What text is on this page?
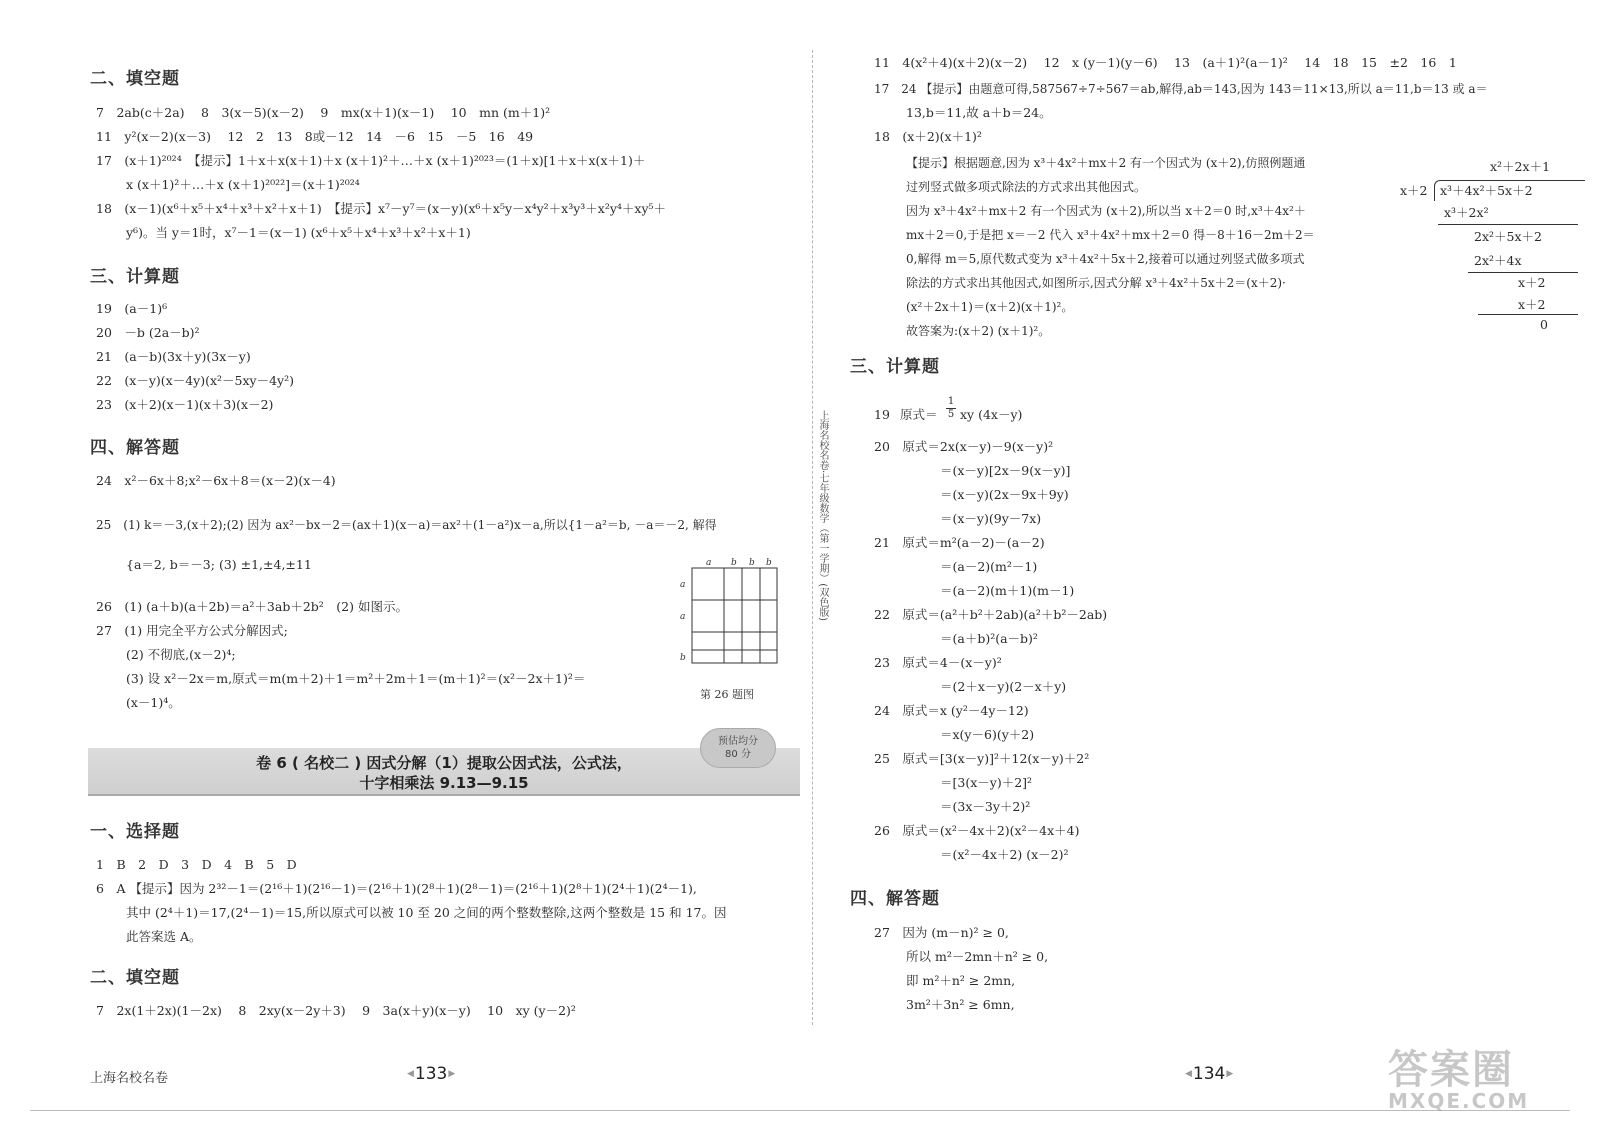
二、填空题
7　2ab(c＋2a)　 8　3(x－5)(x－2)　 9　mx(x＋1)(x－1)　 10　mn (m＋1)²
11　y²(x－2)(x－3)　 12　2　13　8或－12　14　－6　15　－5　16　49
17　(x＋1)²⁰²⁴　【提示】1＋x＋x(x＋1)＋x (x＋1)²＋…＋x (x＋1)²⁰²³＝(1＋x)[1＋x＋x(x＋1)＋
x (x＋1)²＋…＋x (x＋1)²⁰²²]＝(x＋1)²⁰²⁴
18　(x－1)(x⁶＋x⁵＋x⁴＋x³＋x²＋x＋1)　【提示】x⁷－y⁷＝(x－y)(x⁶＋x⁵y－x⁴y²＋x³y³＋x²y⁴＋xy⁵＋
y⁶)。当 y＝1时，x⁷－1＝(x－1) (x⁶＋x⁵＋x⁴＋x³＋x²＋x＋1)
三、计算题
19　(a－1)⁶
20　－b (2a－b)²
21　(a－b)(3x＋y)(3x－y)
22　(x－y)(x－4y)(x²－5xy－4y²)
23　(x＋2)(x－1)(x＋3)(x－2)
四、解答题
24　x²－6x＋8;x²－6x＋8＝(x－2)(x－4)
25　(1) k＝－3,(x＋2);(2) 因为 ax²－bx－2＝(ax＋1)(x－a)＝ax²＋(1－a²)x－a,所以{1－a²＝b, －a＝－2, 解得
{a＝2, b＝－3; (3) ±1,±4,±11
26　(1) (a＋b)(a＋2b)＝a²＋3ab＋2b²　(2) 如图示。
27　(1) 用完全平方公式分解因式;
(2) 不彻底,(x－2)⁴;
(3) 设 x²－2x＝m,原式＝m(m＋2)＋1＝m²＋2m＋1＝(m＋1)²＝(x²－2x＋1)²＝
(x－1)⁴。
a b b b
a
a
b
第 26 题图
卷 6 ( 名校二 ) 因式分解（1）提取公因式法，公式法，
十字相乘法 9.13—9.15
预估均分
80 分
一、选择题
1　B　2　D　3　D　4　B　5　D
6　A 【提示】因为 2³²－1＝(2¹⁶＋1)(2¹⁶－1)＝(2¹⁶＋1)(2⁸＋1)(2⁸－1)＝(2¹⁶＋1)(2⁸＋1)(2⁴＋1)(2⁴－1),
其中 (2⁴＋1)＝17,(2⁴－1)＝15,所以原式可以被 10 至 20 之间的两个整数整除,这两个整数是 15 和 17。因
此答案选 A。
二、填空题
7　2x(1＋2x)(1－2x)　 8　2xy(x－2y＋3)　 9　3a(x＋y)(x－y)　 10　xy (y－2)²
上海名校名卷
◀	133 ▶
上海名校名卷·七年级数学（第一学期）(双色版)
11　4(x²＋4)(x＋2)(x－2)　 12　x (y－1)(y－6)　 13　(a＋1)²(a－1)²　 14　18　15　±2　16　1
17　24 【提示】由题意可得,587567÷7÷567＝ab,解得,ab＝143,因为 143＝11×13,所以 a＝11,b＝13 或 a＝
13,b＝11,故 a＋b＝24。
18　(x＋2)(x＋1)²
【提示】根据题意,因为 x³＋4x²＋mx＋2 有一个因式为 (x＋2),仿照例题通
过列竖式做多项式除法的方式求出其他因式。
因为 x³＋4x²＋mx＋2 有一个因式为 (x＋2),所以当 x＋2＝0 时,x³＋4x²＋
mx＋2＝0,于是把 x＝－2 代入 x³＋4x²＋mx＋2＝0 得－8＋16－2m＋2＝
0,解得 m＝5,原代数式变为 x³＋4x²＋5x＋2,接着可以通过列竖式做多项式
除法的方式求出其他因式,如图所示,因式分解 x³＋4x²＋5x＋2＝(x＋2)·
(x²＋2x＋1)＝(x＋2)(x＋1)²。
故答案为:(x＋2) (x＋1)²。
x²＋2x＋1
x＋2 x³＋4x²＋5x＋2
x³＋2x²
2x²＋5x＋2
2x²＋4x
x＋2
x＋2
0
三、计算题
19 原式＝ $\frac{1}{5}$ xy (4x－y)
20　原式＝2x(x－y)－9(x－y)²
＝(x－y)[2x－9(x－y)]
＝(x－y)(2x－9x＋9y)
＝(x－y)(9y－7x)
21　原式＝m²(a－2)－(a－2)
＝(a－2)(m²－1)
＝(a－2)(m＋1)(m－1)
22　原式＝(a²＋b²＋2ab)(a²＋b²－2ab)
＝(a＋b)²(a－b)²
23　原式＝4－(x－y)²
＝(2＋x－y)(2－x＋y)
24　原式＝x (y²－4y－12)
＝x(y－6)(y＋2)
25　原式＝[3(x－y)]²＋12(x－y)＋2²
＝[3(x－y)＋2]²
＝(3x－3y＋2)²
26　原式＝(x²－4x＋2)(x²－4x＋4)
＝(x²－4x＋2) (x－2)²
四、解答题
27　因为 (m－n)² ≥ 0,
所以 m²－2mn＋n² ≥ 0,
即 m²＋n² ≥ 2mn,
3m²＋3n² ≥ 6mn,
◀ 134 ▶	答案圈
MXQE.COM
